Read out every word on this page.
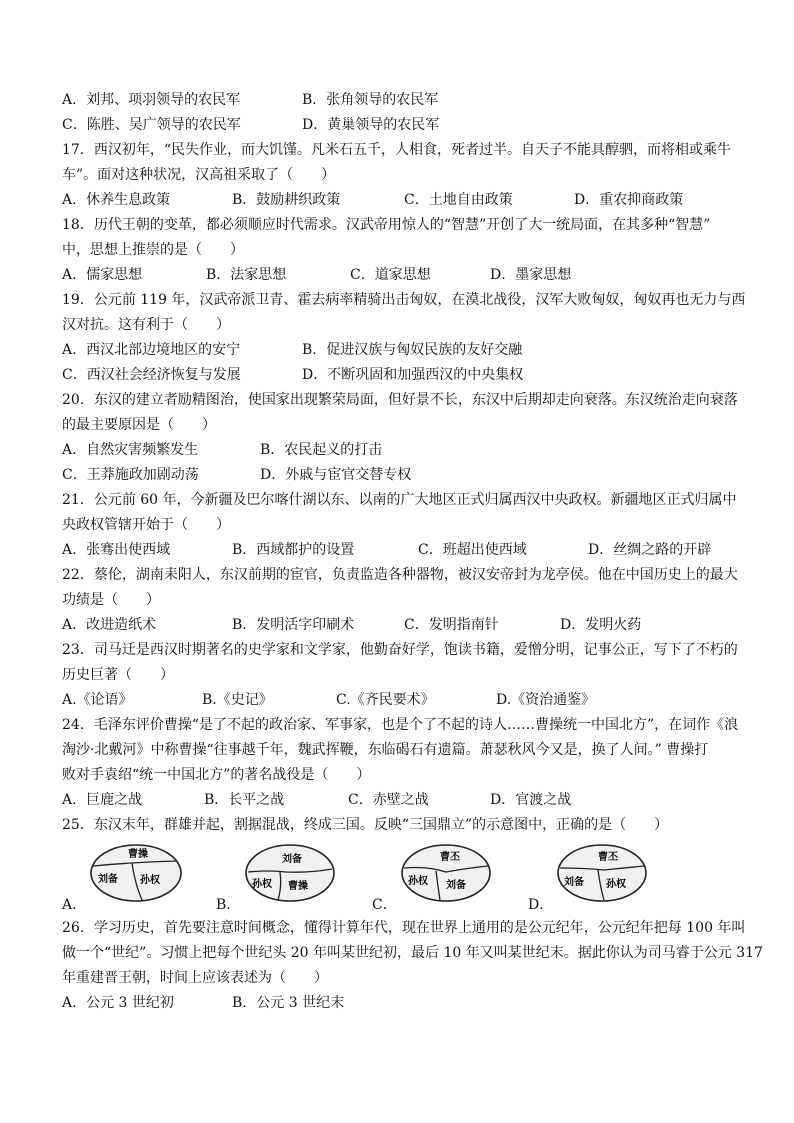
A．刘邦、项羽领导的农民军	B．张角领导的农民军
C．陈胜、吴广领导的农民军	D．黄巢领导的农民军
17．西汉初年，“民失作业，而大饥馑。凡米石五千，人相食，死者过半。自天子不能具醇驷，而将相或乘牛
车”。面对这种状况，汉高祖采取了（　　）
A．休养生息政策	B．鼓励耕织政策	C．土地自由政策	D．重农抑商政策
18．历代王朝的变革，都必须顺应时代需求。汉武帝用惊人的“智慧”开创了大一统局面，在其多种“智慧”
中，思想上推崇的是（　　）
A．儒家思想	B．法家思想	C．道家思想	D．墨家思想
19．公元前 119 年，汉武帝派卫青、霍去病率精骑出击匈奴，在漠北战役，汉军大败匈奴，匈奴再也无力与西
汉对抗。这有利于（　　）
A．西汉北部边境地区的安宁	B．促进汉族与匈奴民族的友好交融
C．西汉社会经济恢复与发展	D．不断巩固和加强西汉的中央集权
20．东汉的建立者励精图治，使国家出现繁荣局面，但好景不长，东汉中后期却走向衰落。东汉统治走向衰落
的最主要原因是（　　）
A．自然灾害频繁发生	B．农民起义的打击
C．王莽施政加剧动荡	D．外戚与宦官交替专权
21．公元前 60 年，今新疆及巴尔喀什湖以东、以南的广大地区正式归属西汉中央政权。新疆地区正式归属中
央政权管辖开始于（　　）
A．张骞出使西域	B．西域都护的设置	C．班超出使西域	D．丝绸之路的开辟
22．蔡伦，湖南耒阳人，东汉前期的宦官，负责监造各种器物，被汉安帝封为龙亭侯。他在中国历史上的最大
功绩是（　　）
A．改进造纸术	B．发明活字印刷术	C．发明指南针	D．发明火药
23．司马迁是西汉时期著名的史学家和文学家，他勤奋好学，饱读书籍，爱憎分明，记事公正，写下了不朽的
历史巨著（　　）
A.《论语》	B.《史记》	C.《齐民要术》	D.《资治通鉴》
24．毛泽东评价曹操“是了不起的政治家、军事家，也是个了不起的诗人……曹操统一中国北方”，在词作《浪
淘沙·北戴河》中称曹操“往事越千年，魏武挥鞭，东临碣石有遗篇。萧瑟秋风今又是，换了人间。” 曹操打
败对手袁绍“统一中国北方”的著名战役是（　　）
A．巨鹿之战	B．长平之战	C．赤壁之战	D．官渡之战
25．东汉末年，群雄并起，割据混战，终成三国。反映“三国鼎立”的示意图中，正确的是（　　）
A．
曹操
刘备 孙权
B．
刘备
孙权 曹操
C．
曹丕
孙权 刘备
D．
曹丕
刘备 孙权
26．学习历史，首先要注意时间概念，懂得计算年代，现在世界上通用的是公元纪年，公元纪年把每 100 年叫
做一个“世纪”。习惯上把每个世纪头 20 年叫某世纪初，最后 10 年又叫某世纪末。据此你认为司马睿于公元 317
年重建晋王朝，时间上应该表述为（　　）
A．公元 3 世纪初	B．公元 3 世纪末
